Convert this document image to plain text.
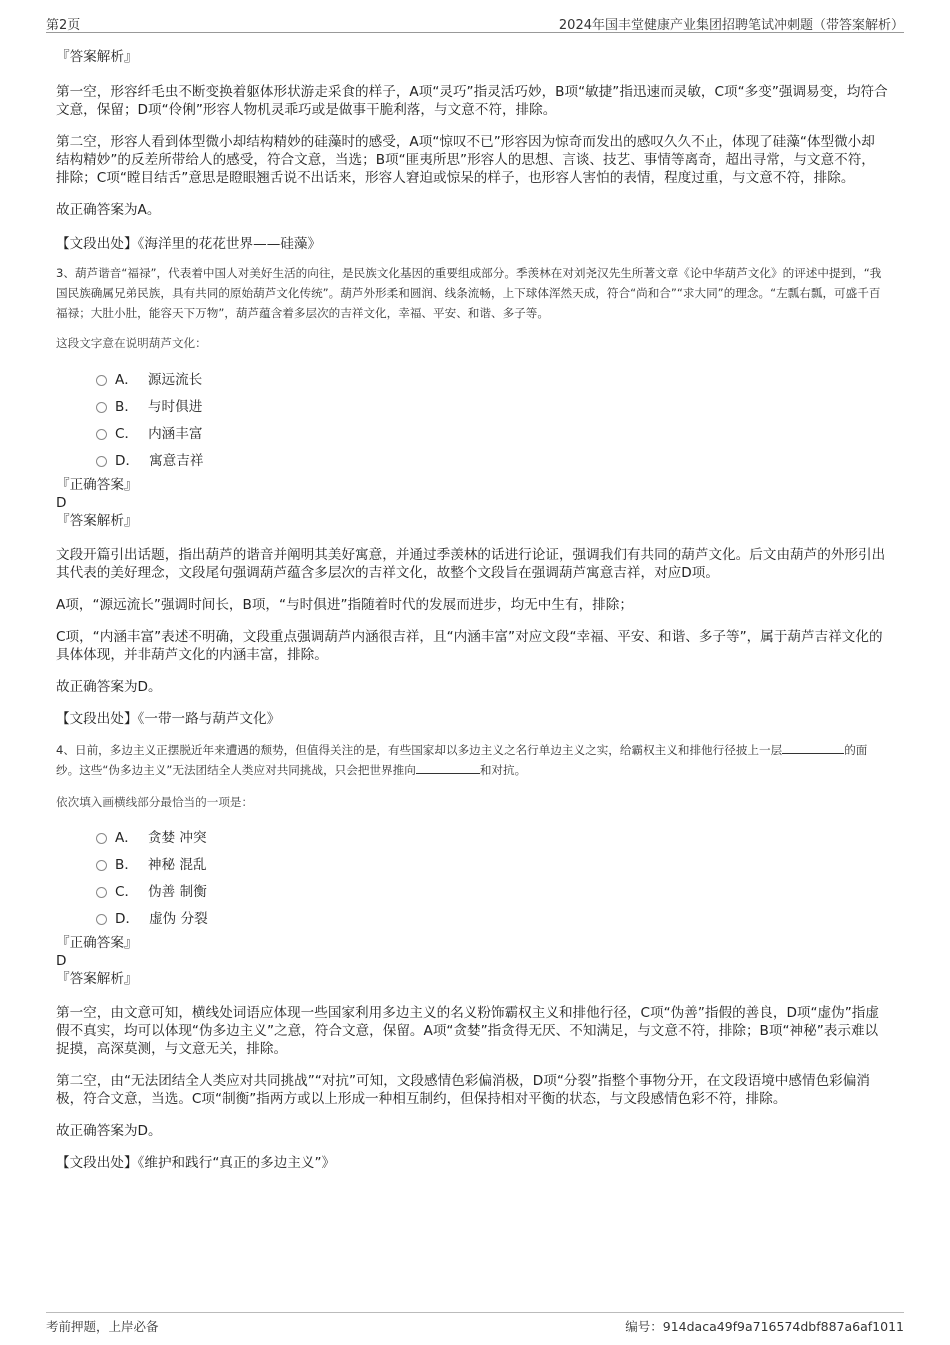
第2页	2024年国丰堂健康产业集团招聘笔试冲刺题（带答案解析）

『答案解析』

第一空，形容纤毛虫不断变换着躯体形状游走采食的样子，A项“灵巧”指灵活巧妙，B项“敏捷”指迅速而灵敏，C项“多变”强调易变，均符合文意，保留；D项“伶俐”形容人物机灵乖巧或是做事干脆利落，与文意不符，排除。

第二空，形容人看到体型微小却结构精妙的硅藻时的感受，A项“惊叹不已”形容因为惊奇而发出的感叹久久不止，体现了硅藻“体型微小却结构精妙”的反差所带给人的感受，符合文意，当选；B项“匪夷所思”形容人的思想、言谈、技艺、事情等离奇，超出寻常，与文意不符，排除；C项“瞠目结舌”意思是瞪眼翘舌说不出话来，形容人窘迫或惊呆的样子，也形容人害怕的表情，程度过重，与文意不符，排除。

故正确答案为A。

【文段出处】《海洋里的花花世界——硅藻》

3、葫芦谐音“福禄”，代表着中国人对美好生活的向往，是民族文化基因的重要组成部分。季羡林在对刘尧汉先生所著文章《论中华葫芦文化》的评述中提到，“我国民族确属兄弟民族，具有共同的原始葫芦文化传统”。葫芦外形柔和圆润、线条流畅，上下球体浑然天成，符合“尚和合”“求大同”的理念。“左瓢右瓢，可盛千百福禄；大肚小肚，能容天下万物”，葫芦蕴含着多层次的吉祥文化，幸福、平安、和谐、多子等。

这段文字意在说明葫芦文化：

A． 源远流长
B． 与时俱进
C． 内涵丰富
D． 寓意吉祥

『正确答案』

D

『答案解析』

文段开篇引出话题，指出葫芦的谐音并阐明其美好寓意，并通过季羡林的话进行论证，强调我们有共同的葫芦文化。后文由葫芦的外形引出其代表的美好理念，文段尾句强调葫芦蕴含多层次的吉祥文化，故整个文段旨在强调葫芦寓意吉祥，对应D项。

A项，“源远流长”强调时间长，B项，“与时俱进”指随着时代的发展而进步，均无中生有，排除；

C项，“内涵丰富”表述不明确，文段重点强调葫芦内涵很吉祥，且“内涵丰富”对应文段“幸福、平安、和谐、多子等”，属于葫芦吉祥文化的具体体现，并非葫芦文化的内涵丰富，排除。

故正确答案为D。

【文段出处】《一带一路与葫芦文化》

4、日前，多边主义正摆脱近年来遭遇的颓势，但值得关注的是，有些国家却以多边主义之名行单边主义之实，给霸权主义和排他行径披上一层	的面纱。这些“伪多边主义”无法团结全人类应对共同挑战，只会把世界推向	和对抗。

依次填入画横线部分最恰当的一项是：

A． 贪婪 冲突
B． 神秘 混乱
C． 伪善 制衡
D． 虚伪 分裂

『正确答案』

D

『答案解析』

第一空，由文意可知，横线处词语应体现一些国家利用多边主义的名义粉饰霸权主义和排他行径，C项“伪善”指假的善良，D项“虚伪”指虚假不真实，均可以体现“伪多边主义”之意，符合文意，保留。A项“贪婪”指贪得无厌、不知满足，与文意不符，排除；B项“神秘”表示难以捉摸，高深莫测，与文意无关，排除。

第二空，由“无法团结全人类应对共同挑战”“对抗”可知，文段感情色彩偏消极，D项“分裂”指整个事物分开，在文段语境中感情色彩偏消极，符合文意，当选。C项“制衡”指两方或以上形成一种相互制约，但保持相对平衡的状态，与文段感情色彩不符，排除。

故正确答案为D。

【文段出处】《维护和践行“真正的多边主义”》

考前押题，上岸必备	编号：914daca49f9a716574dbf887a6af1011
